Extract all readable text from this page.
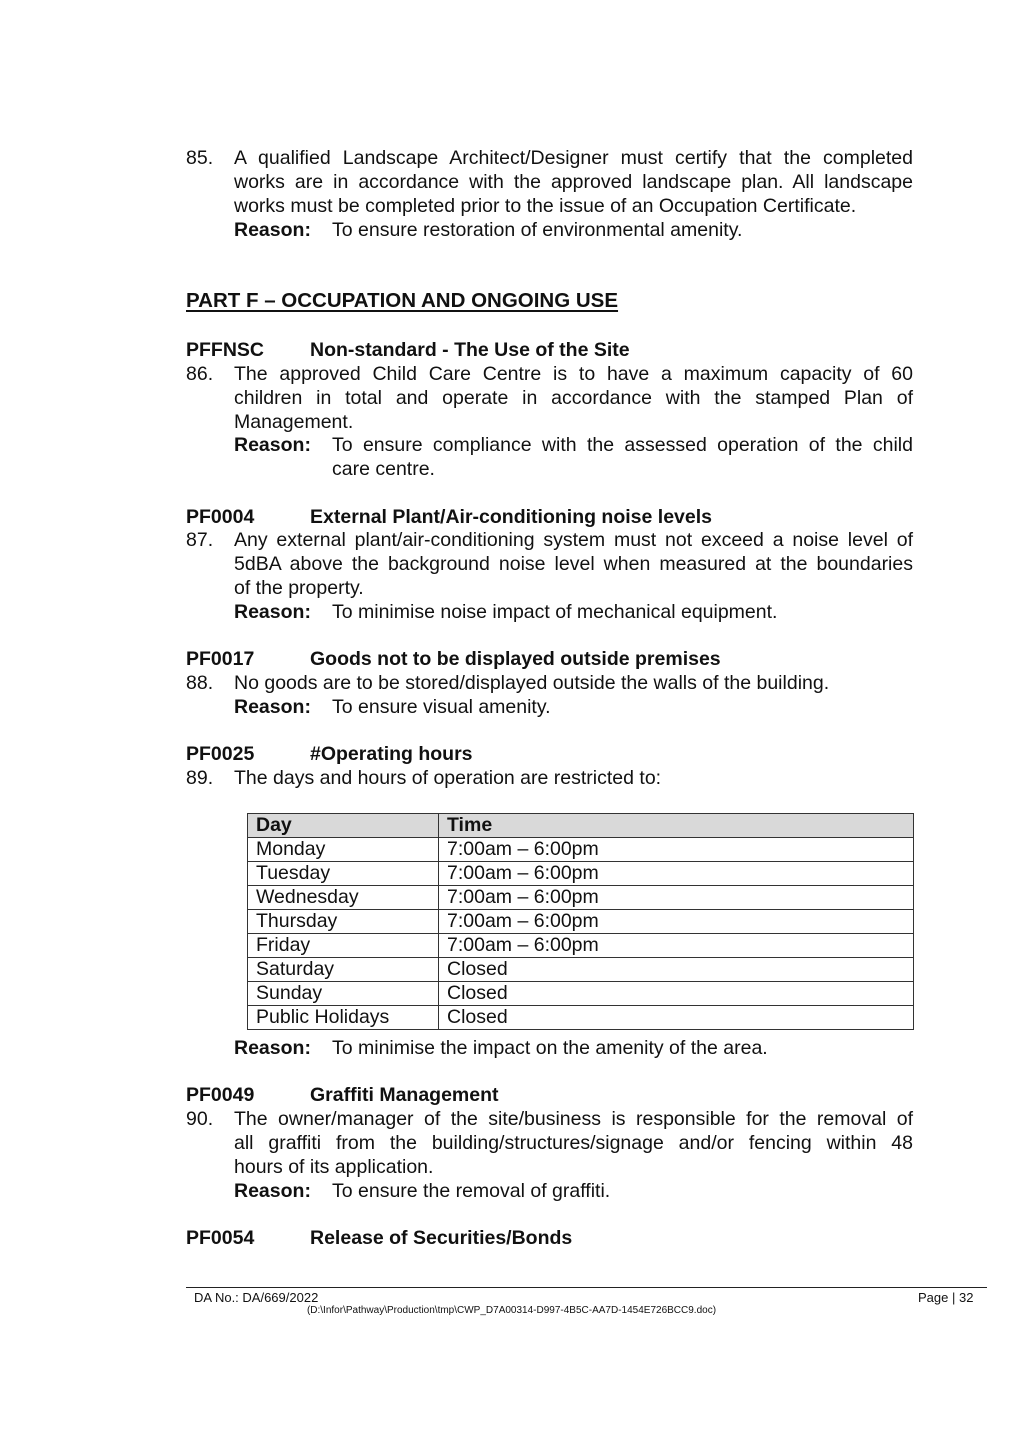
85. A qualified Landscape Architect/Designer must certify that the completed
works are in accordance with the approved landscape plan. All landscape
works must be completed prior to the issue of an Occupation Certificate.
Reason: To ensure restoration of environmental amenity.
PART F – OCCUPATION AND ONGOING USE
PFFNSC Non-standard - The Use of the Site
86. The approved Child Care Centre is to have a maximum capacity of 60
children in total and operate in accordance with the stamped Plan of
Management.
Reason: To ensure compliance with the assessed operation of the child
care centre.
PF0004	External Plant/Air-conditioning noise levels
87. Any external plant/air-conditioning system must not exceed a noise level of
5dBA above the background noise level when measured at the boundaries
of the property.
Reason: To minimise noise impact of mechanical equipment.
PF0017	Goods not to be displayed outside premises
88. No goods are to be stored/displayed outside the walls of the building.
Reason: To ensure visual amenity.
PF0025	#Operating hours
89. The days and hours of operation are restricted to:
Day	Time
Monday	7:00am – 6:00pm
Tuesday	7:00am – 6:00pm
Wednesday	7:00am – 6:00pm
Thursday	7:00am – 6:00pm
Friday	7:00am – 6:00pm
Saturday	Closed
Sunday	Closed
Public Holidays	Closed
Reason: To minimise the impact on the amenity of the area.
PF0049	Graffiti Management
90. The owner/manager of the site/business is responsible for the removal of
all graffiti from the building/structures/signage and/or fencing within 48
hours of its application.
Reason: To ensure the removal of graffiti.
PF0054	Release of Securities/Bonds
DA No.: DA/669/2022	Page | 32
(D:\Infor\Pathway\Production\tmp\CWP_D7A00314-D997-4B5C-AA7D-1454E726BCC9.doc)
